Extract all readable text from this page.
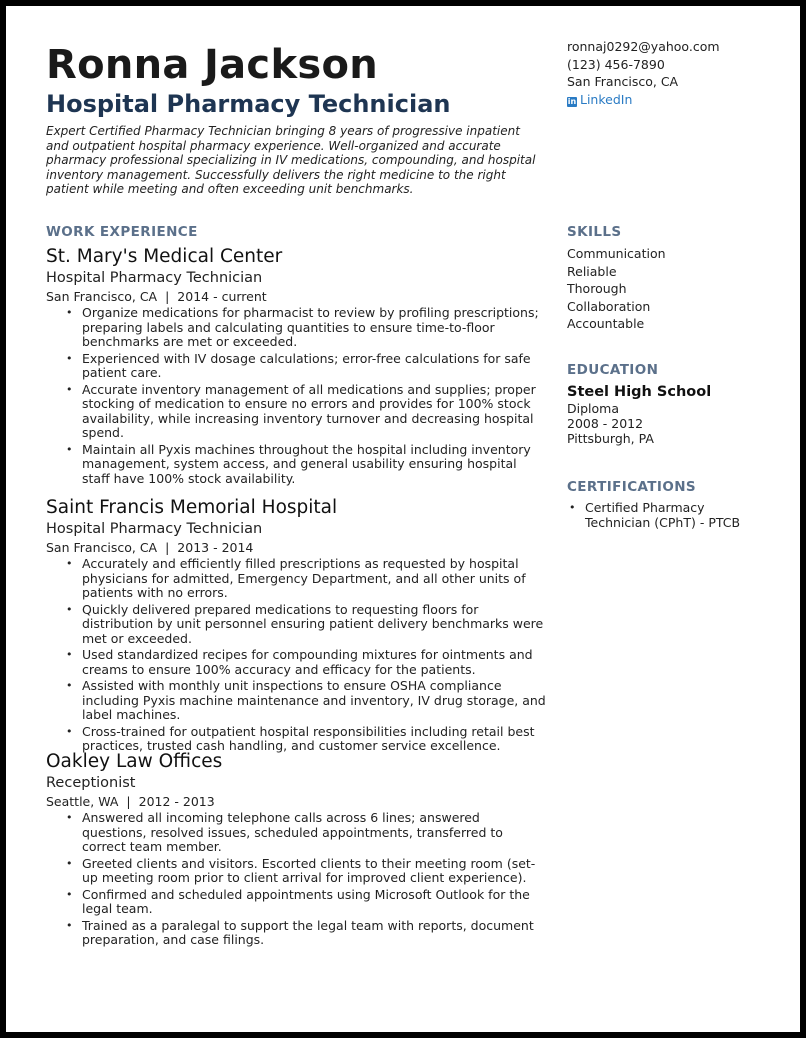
Ronna Jackson
Hospital Pharmacy Technician
Expert Certified Pharmacy Technician bringing 8 years of progressive inpatient and outpatient hospital pharmacy experience. Well-organized and accurate pharmacy professional specializing in IV medications, compounding, and hospital inventory management. Successfully delivers the right medicine to the right patient while meeting and often exceeding unit benchmarks.
ronnaj0292@yahoo.com
(123) 456-7890
San Francisco, CA
in LinkedIn
WORK EXPERIENCE	SKILLS
EDUCATION
CERTIFICATIONS
St. Mary's Medical Center
Hospital Pharmacy Technician
San Francisco, CA | 2014 - current
• Organize medications for pharmacist to review by profiling prescriptions; preparing labels and calculating quantities to ensure time-to-floor benchmarks are met or exceeded.
• Experienced with IV dosage calculations; error-free calculations for safe patient care.
• Accurate inventory management of all medications and supplies; proper stocking of medication to ensure no errors and provides for 100% stock availability, while increasing inventory turnover and decreasing hospital spend.
• Maintain all Pyxis machines throughout the hospital including inventory management, system access, and general usability ensuring hospital staff have 100% stock availability.
Saint Francis Memorial Hospital
Hospital Pharmacy Technician
San Francisco, CA | 2013 - 2014
• Accurately and efficiently filled prescriptions as requested by hospital physicians for admitted, Emergency Department, and all other units of patients with no errors.
• Quickly delivered prepared medications to requesting floors for distribution by unit personnel ensuring patient delivery benchmarks were met or exceeded.
• Used standardized recipes for compounding mixtures for ointments and creams to ensure 100% accuracy and efficacy for the patients.
• Assisted with monthly unit inspections to ensure OSHA compliance including Pyxis machine maintenance and inventory, IV drug storage, and label machines.
• Cross-trained for outpatient hospital responsibilities including retail best practices, trusted cash handling, and customer service excellence.
Oakley Law Offices
Receptionist
Seattle, WA | 2012 - 2013
• Answered all incoming telephone calls across 6 lines; answered questions, resolved issues, scheduled appointments, transferred to correct team member.
• Greeted clients and visitors. Escorted clients to their meeting room (set-up meeting room prior to client arrival for improved client experience).
• Confirmed and scheduled appointments using Microsoft Outlook for the legal team.
• Trained as a paralegal to support the legal team with reports, document preparation, and case filings.
Communication
Reliable
Thorough
Collaboration
Accountable
Steel High School
Diploma
2008 - 2012
Pittsburgh, PA
• Certified Pharmacy Technician (CPhT) - PTCB
